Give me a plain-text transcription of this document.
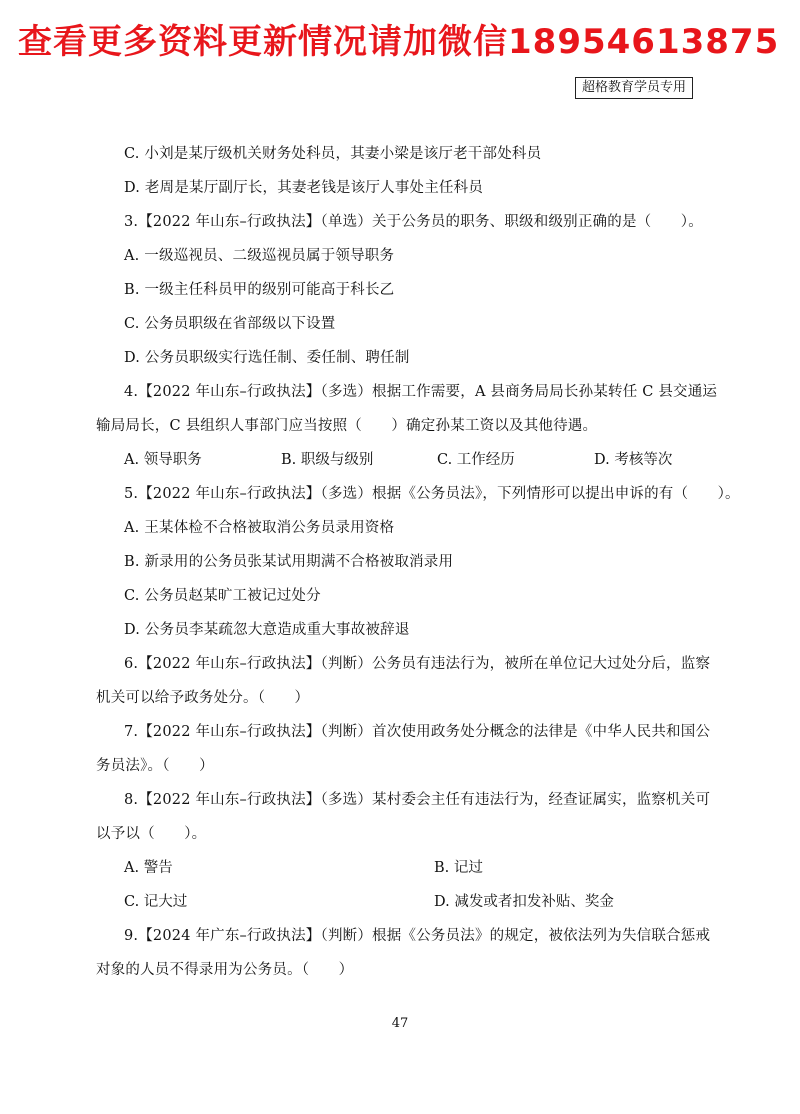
查看更多资料更新情况请加微信18954613875
超格教育学员专用
C. 小刘是某厅级机关财务处科员，其妻小梁是该厅老干部处科员
D. 老周是某厅副厅长，其妻老钱是该厅人事处主任科员
3.【2022 年山东–行政执法】（单选）关于公务员的职务、职级和级别正确的是（　　）。
A. 一级巡视员、二级巡视员属于领导职务
B. 一级主任科员甲的级别可能高于科长乙
C. 公务员职级在省部级以下设置
D. 公务员职级实行选任制、委任制、聘任制
4.【2022 年山东–行政执法】（多选）根据工作需要，A 县商务局局长孙某转任 C 县交通运
输局局长，C 县组织人事部门应当按照（　　）确定孙某工资以及其他待遇。
A. 领导职务	B. 职级与级别	C. 工作经历	D. 考核等次
5.【2022 年山东–行政执法】（多选）根据《公务员法》，下列情形可以提出申诉的有（　　）。
A. 王某体检不合格被取消公务员录用资格
B. 新录用的公务员张某试用期满不合格被取消录用
C. 公务员赵某旷工被记过处分
D. 公务员李某疏忽大意造成重大事故被辞退
6.【2022 年山东–行政执法】（判断）公务员有违法行为，被所在单位记大过处分后，监察
机关可以给予政务处分。（　　）
7.【2022 年山东–行政执法】（判断）首次使用政务处分概念的法律是《中华人民共和国公
务员法》。（　　）
8.【2022 年山东–行政执法】（多选）某村委会主任有违法行为，经查证属实，监察机关可
以予以（　　）。
A. 警告	B. 记过
C. 记大过	D. 减发或者扣发补贴、奖金
9.【2024 年广东–行政执法】（判断）根据《公务员法》的规定，被依法列为失信联合惩戒
对象的人员不得录用为公务员。（　　）
47
